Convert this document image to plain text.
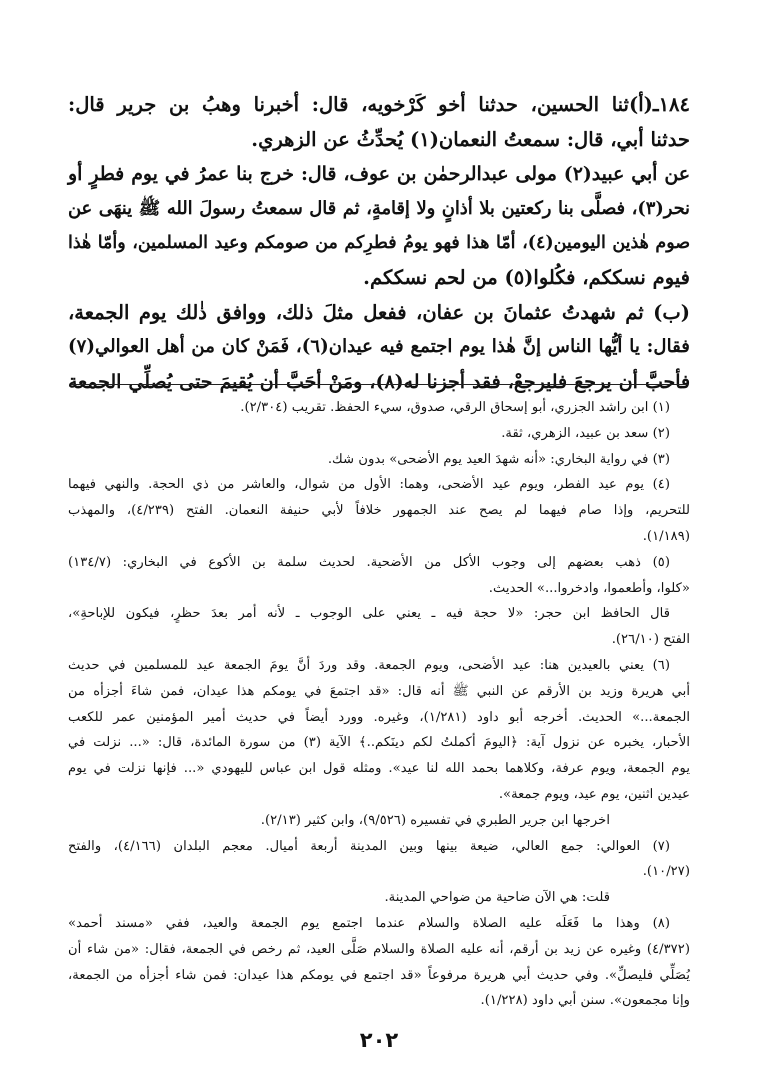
١٨٤ـ(أ)ثنا الحسين، حدثنا أخو كَرْخويه، قال: أخبرنا وهبُ بن جرير قال:
حدثنا أبي، قال: سمعتُ النعمان(١) يُحدِّثُ عن الزهري.
عن أبي عبيد(٢) مولى عبدالرحمٰن بن عوف، قال: خرج بنا عمرُ في يوم فطرٍ أو
نحر(٣)، فصلَّى بنا ركعتين بلا أذانٍ ولا إقامةٍ، ثم قال سمعتُ رسولَ الله ﷺ ينهَى عن
صوم هٰذين اليومين(٤)، أمّا هذا فهو يومُ فطرِكم من صومكم وعيد المسلمين، وأمّا هٰذا
فيوم نسككم، فكُلوا(٥) من لحم نسككم.
(ب) ثم شهدتُ عثمانَ بن عفان، ففعل مثلَ ذلك، ووافق ذٰلك يوم الجمعة،
فقال: يا أيُّها الناس إنَّ هٰذا يوم اجتمع فيه عيدان(٦)، فَمَنْ كان من أهل العوالي(٧)
فأحبَّ أن يرجعَ فليرجعْ، فقد أجزنا له(٨)، ومَنْ أحَبَّ أن يُقيمَ حتى يُصلِّي الجمعة
(١) ابن راشد الجزري، أبو إسحاق الرقي، صدوق، سيء الحفظ. تقريب (٢/٣٠٤).
(٢) سعد بن عبيد، الزهري، ثقة.
(٣) في رواية البخاري: «أنه شهدَ العيد يوم الأضحى» بدون شك.
(٤) يوم عيد الفطر، ويوم عيد الأضحى، وهما: الأول من شوال، والعاشر من ذي الحجة. والنهي فيهما
للتحريم، وإذا صام فيهما لم يصح عند الجمهور خلافاً لأبي حنيفة النعمان. الفتح (٤/٢٣٩)، والمهذب
(١/١٨٩).
(٥) ذهب بعضهم إلى وجوب الأكل من الأضحية. لحديث سلمة بن الأكوع في البخاري: (١٣٤/٧)
«كلوا، وأطعموا، وادخروا...» الحديث.
قال الحافظ ابن حجر: «لا حجة فيه ـ يعني على الوجوب ـ لأنه أمر بعدَ حظرٍ، فيكون للإباحةِ»،
الفتح (٢٦/١٠).
(٦) يعني بالعيدين هنا: عيد الأضحى، ويوم الجمعة. وقد وردَ أنَّ يومَ الجمعة عيد للمسلمين في حديث
أبي هريرة وزيد بن الأرقم عن النبي ﷺ أنه قال: «قد اجتمعَ في يومكم هذا عيدان، فمن شاءَ أجزأه من
الجمعة...» الحديث. أخرجه أبو داود (١/٢٨١)، وغيره. وورد أيضاً في حديث أمير المؤمنين عمر للكعب
الأحبار، يخبره عن نزول آية: ﴿اليومَ أكملتُ لكم دينَكم..﴾ الآية (٣) من سورة المائدة، قال: «... نزلت في
يوم الجمعة، ويوم عرفة، وكلاهما بحمد الله لنا عيد». ومثله قول ابن عباس لليهودي «... فإنها نزلت في يوم
عيدين اثنين، يوم عيد، ويوم جمعة».
اخرجها ابن جرير الطبري في تفسيره (٩/٥٢٦)، وابن كثير (٢/١٣).
(٧) العوالي: جمع العالي، ضيعة بينها وبين المدينة أربعة أميال. معجم البلدان (٤/١٦٦)، والفتح
(١٠/٢٧).
قلت: هي الآن ضاحية من ضواحي المدينة.
(٨) وهذا ما فَعَلَه عليه الصلاة والسلام عندما اجتمع يوم الجمعة والعيد، ففي «مسند أحمد»
(٤/٣٧٢) وغيره عن زيد بن أرقم، أنه عليه الصلاة والسلام صَلَّى العيد، ثم رخص في الجمعة، فقال: «من شاء أن
يُصَلِّي فليصلِّ». وفي حديث أبي هريرة مرفوعاً «قد اجتمع في يومكم هذا عيدان: فمن شاء أجزأه من الجمعة،
وإنا مجمعون». سنن أبي داود (١/٢٢٨).
٢٠٢
